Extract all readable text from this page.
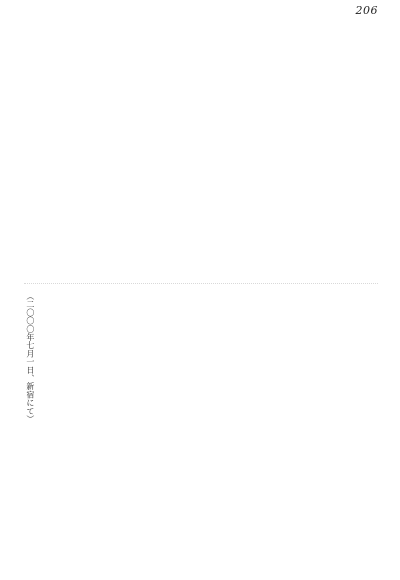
206
（二〇〇〇年七月一日、新宿にて）
